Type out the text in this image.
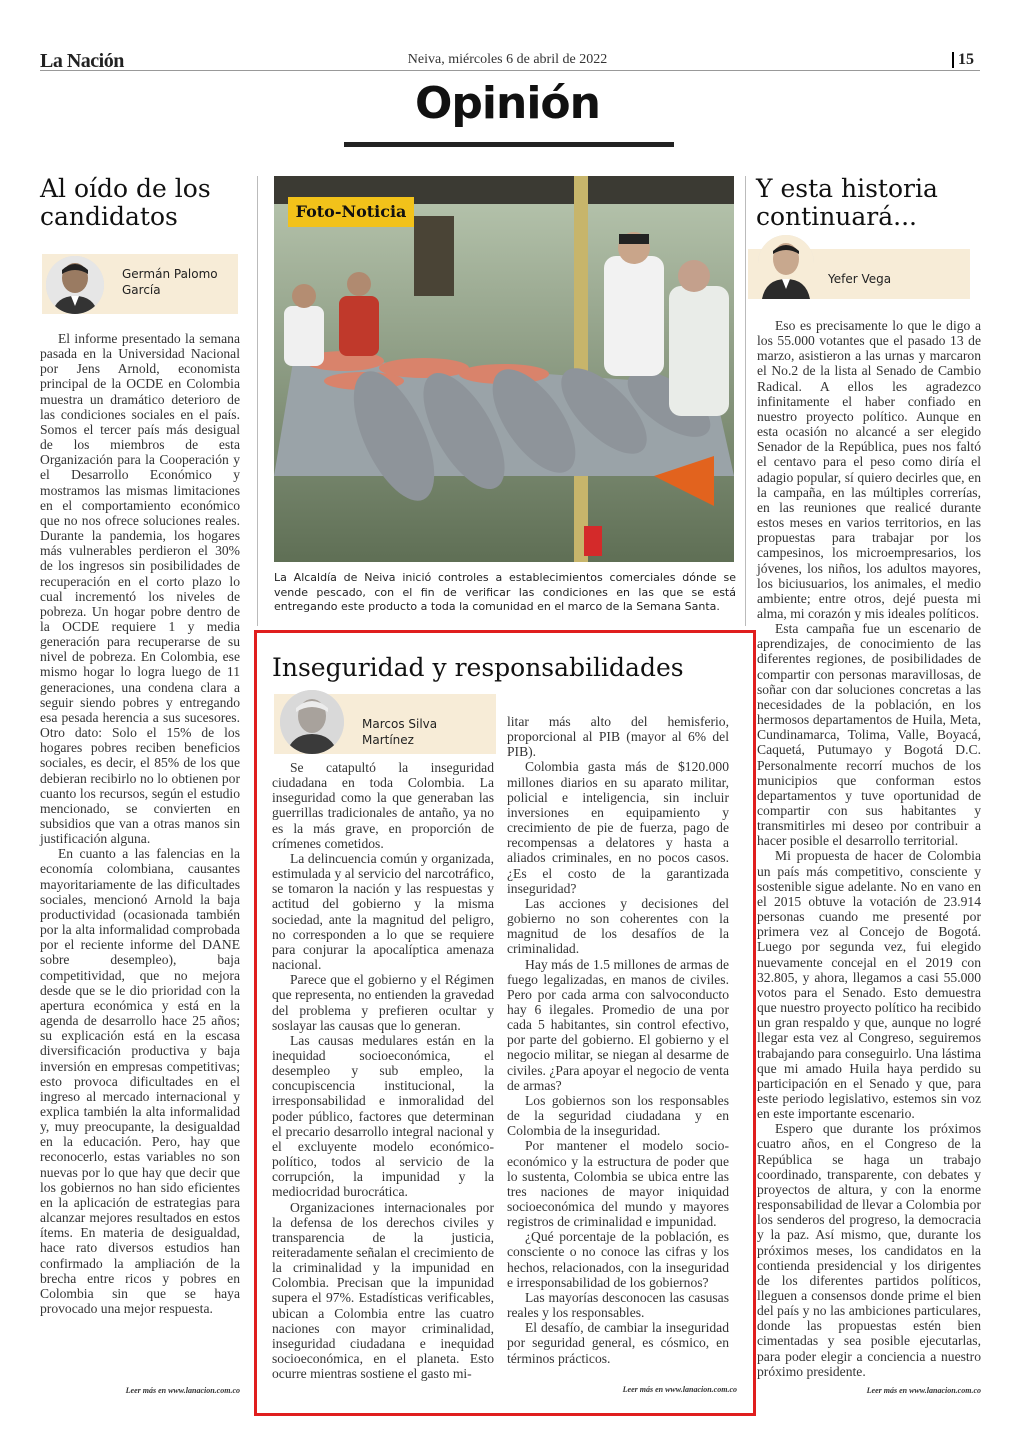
La Nación	Neiva, miércoles 6 de abril de 2022	15
Opinión
Al oído de los candidatos
Germán Palomo García

El informe presentado la semana pasada en la Universidad Nacional por Jens Arnold, economista principal de la OCDE en Colombia muestra un dramático deterioro de las condiciones sociales en el país. Somos el tercer país más desigual de los miembros de esta Organización para la Cooperación y el Desarrollo Económico y mostramos las mismas limitaciones en el comportamiento económico que no nos ofrece soluciones reales. Durante la pandemia, los hogares más vulnerables perdieron el 30% de los ingresos sin posibilidades de recuperación en el corto plazo lo cual incrementó los niveles de pobreza. Un hogar pobre dentro de la OCDE requiere 1 y media generación para recuperarse de su nivel de pobreza. En Colombia, ese mismo hogar lo logra luego de 11 generaciones, una condena clara a seguir siendo pobres y entregando esa pesada herencia a sus sucesores. Otro dato: Solo el 15% de los hogares pobres reciben beneficios sociales, es decir, el 85% de los que debieran recibirlo no lo obtienen por cuanto los recursos, según el estudio mencionado, se convierten en subsidios que van a otras manos sin justificación alguna.

En cuanto a las falencias en la economía colombiana, causantes mayoritariamente de las dificultades sociales, mencionó Arnold la baja productividad (ocasionada también por la alta informalidad comprobada por el reciente informe del DANE sobre desempleo), baja competitividad, que no mejora desde que se le dio prioridad con la apertura económica y está en la agenda de desarrollo hace 25 años; su explicación está en la escasa diversificación productiva y baja inversión en empresas competitivas; esto provoca dificultades en el ingreso al mercado internacional y explica también la alta informalidad y, muy preocupante, la desigualdad en la educación. Pero, hay que reconocerlo, estas variables no son nuevas por lo que hay que decir que los gobiernos no han sido eficientes en la aplicación de estrategias para alcanzar mejores resultados en estos ítems. En materia de desigualdad, hace rato diversos estudios han confirmado la ampliación de la brecha entre ricos y pobres en Colombia sin que se haya provocado una mejor respuesta.

Leer más en www.lanacion.com.co
Foto-Noticia
La Alcaldía de Neiva inició controles a establecimientos comerciales dónde se vende pescado, con el fin de verificar las condiciones en las que se está entregando este producto a toda la comunidad en el marco de la Semana Santa.
Inseguridad y responsabilidades
Marcos Silva Martínez

Se catapultó la inseguridad ciudadana en toda Colombia. La inseguridad como la que generaban las guerrillas tradicionales de antaño, ya no es la más grave, en proporción de crímenes cometidos.

La delincuencia común y organizada, estimulada y al servicio del narcotráfico, se tomaron la nación y las respuestas y actitud del gobierno y la misma sociedad, ante la magnitud del peligro, no corresponden a lo que se requiere para conjurar la apocalíptica amenaza nacional.

Parece que el gobierno y el Régimen que representa, no entienden la gravedad del problema y prefieren ocultar y soslayar las causas que lo generan.

Las causas medulares están en la inequidad socioeconómica, el desempleo y sub empleo, la concupiscencia institucional, la irresponsabilidad e inmoralidad del poder público, factores que determinan el precario desarrollo integral nacional y el excluyente modelo económico-político, todos al servicio de la corrupción, la impunidad y la mediocridad burocrática.

Organizaciones internacionales por la defensa de los derechos civiles y transparencia de la justicia, reiteradamente señalan el crecimiento de la criminalidad y la impunidad en Colombia. Precisan que la impunidad supera el 97%. Estadísticas verificables, ubican a Colombia entre las cuatro naciones con mayor criminalidad, inseguridad ciudadana e inequidad socioeconómica, en el planeta. Esto ocurre mientras sostiene el gasto mi-

litar más alto del hemisferio, proporcional al PIB (mayor al 6% del PIB).

Colombia gasta más de $120.000 millones diarios en su aparato militar, policial e inteligencia, sin incluir inversiones en equipamiento y crecimiento de pie de fuerza, pago de recompensas a delatores y hasta a aliados criminales, en no pocos casos. ¿Es el costo de la garantizada inseguridad?

Las acciones y decisiones del gobierno no son coherentes con la magnitud de los desafíos de la criminalidad.

Hay más de 1.5 millones de armas de fuego legalizadas, en manos de civiles. Pero por cada arma con salvoconducto hay 6 ilegales. Promedio de una por cada 5 habitantes, sin control efectivo, por parte del gobierno. El gobierno y el negocio militar, se niegan al desarme de civiles. ¿Para apoyar el negocio de venta de armas?

Los gobiernos son los responsables de la seguridad ciudadana y en Colombia de la inseguridad.

Por mantener el modelo socio-económico y la estructura de poder que lo sustenta, Colombia se ubica entre las tres naciones de mayor iniquidad socioeconómica del mundo y mayores registros de criminalidad e impunidad.

¿Qué porcentaje de la población, es consciente o no conoce las cifras y los hechos, relacionados, con la inseguridad e irresponsabilidad de los gobiernos?

Las mayorías desconocen las casusas reales y los responsables.

El desafío, de cambiar la inseguridad por seguridad general, es cósmico, en términos prácticos.

Leer más en www.lanacion.com.co
Y esta historia continuará...
Yefer Vega

Eso es precisamente lo que le digo a los 55.000 votantes que el pasado 13 de marzo, asistieron a las urnas y marcaron el No.2 de la lista al Senado de Cambio Radical. A ellos les agradezco infinitamente el haber confiado en nuestro proyecto político. Aunque en esta ocasión no alcancé a ser elegido Senador de la República, pues nos faltó el centavo para el peso como diría el adagio popular, sí quiero decirles que, en la campaña, en las múltiples correrías, en las reuniones que realicé durante estos meses en varios territorios, en las propuestas para trabajar por los campesinos, los microempresarios, los jóvenes, los niños, los adultos mayores, los biciusuarios, los animales, el medio ambiente; entre otros, dejé puesta mi alma, mi corazón y mis ideales políticos.

Esta campaña fue un escenario de aprendizajes, de conocimiento de las diferentes regiones, de posibilidades de compartir con personas maravillosas, de soñar con dar soluciones concretas a las necesidades de la población, en los hermosos departamentos de Huila, Meta, Cundinamarca, Tolima, Valle, Boyacá, Caquetá, Putumayo y Bogotá D.C. Personalmente recorrí muchos de los municipios que conforman estos departamentos y tuve oportunidad de compartir con sus habitantes y transmitirles mi deseo por contribuir a hacer posible el desarrollo territorial.

Mi propuesta de hacer de Colombia un país más competitivo, consciente y sostenible sigue adelante. No en vano en el 2015 obtuve la votación de 23.914 personas cuando me presenté por primera vez al Concejo de Bogotá. Luego por segunda vez, fui elegido nuevamente concejal en el 2019 con 32.805, y ahora, llegamos a casi 55.000 votos para el Senado. Esto demuestra que nuestro proyecto político ha recibido un gran respaldo y que, aunque no logré llegar esta vez al Congreso, seguiremos trabajando para conseguirlo. Una lástima que mi amado Huila haya perdido su participación en el Senado y que, para este periodo legislativo, estemos sin voz en este importante escenario.

Espero que durante los próximos cuatro años, en el Congreso de la República se haga un trabajo coordinado, transparente, con debates y proyectos de altura, y con la enorme responsabilidad de llevar a Colombia por los senderos del progreso, la democracia y la paz. Así mismo, que, durante los próximos meses, los candidatos en la contienda presidencial y los dirigentes de los diferentes partidos políticos, lleguen a consensos donde prime el bien del país y no las ambiciones particulares, donde las propuestas estén bien cimentadas y sea posible ejecutarlas, para poder elegir a conciencia a nuestro próximo presidente.

Leer más en www.lanacion.com.co
